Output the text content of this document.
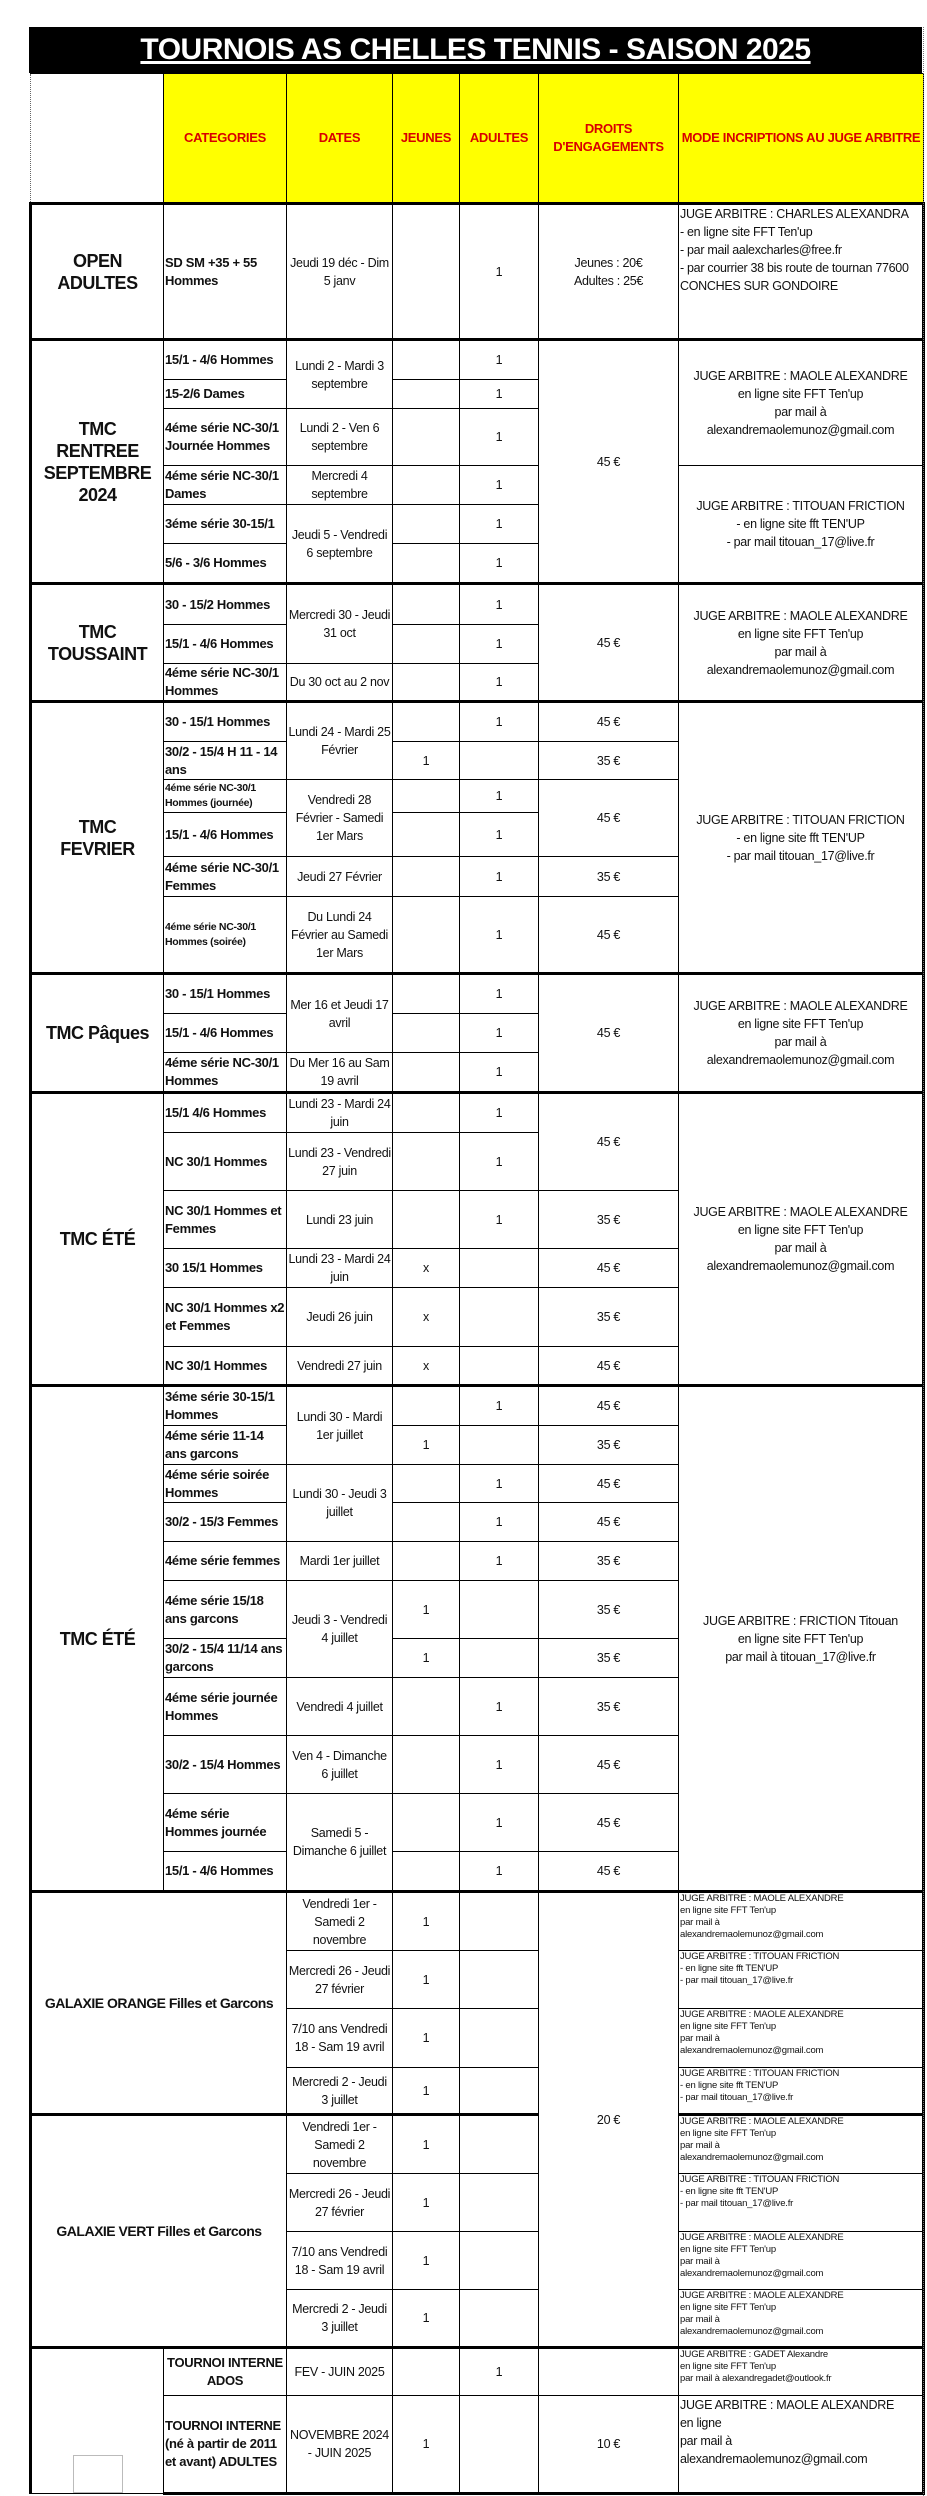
TOURNOIS AS CHELLES TENNIS - SAISON 2025
	CATEGORIES	DATES	JEUNES	ADULTES	DROITS D'ENGAGEMENTS	MODE INCRIPTIONS AU JUGE ARBITRE
OPEN
ADULTES	SD SM +35 + 55 Hommes	Jeudi 19 déc - Dim 5 janv		1	Jeunes : 20€
Adultes : 25€	JUGE ARBITRE : CHARLES ALEXANDRA
- en ligne site FFT Ten'up
- par mail aalexcharles@free.fr
- par courrier 38 bis route de tournan 77600 CONCHES SUR GONDOIRE
TMC
RENTREE
SEPTEMBRE
2024	15/1 - 4/6 Hommes	Lundi 2 - Mardi 3 septembre		1	45 €	JUGE ARBITRE : MAOLE ALEXANDRE
en ligne site FFT Ten'up
par mail à
alexandremaolemunoz@gmail.com
	15-2/6 Dames			1		
	4éme série NC-30/1 Journée Hommes	Lundi 2 - Ven 6 septembre		1		
	4éme série NC-30/1 Dames	Mercredi 4 septembre		1		JUGE ARBITRE : TITOUAN FRICTION
- en ligne site fft TEN'UP
- par mail titouan_17@live.fr
	3éme série 30-15/1	Jeudi 5 - Vendredi 6 septembre		1		
	5/6 - 3/6 Hommes			1		
TMC
TOUSSAINT	30 - 15/2 Hommes	Mercredi 30 - Jeudi 31 oct		1	45 €	JUGE ARBITRE : MAOLE ALEXANDRE
en ligne site FFT Ten'up
par mail à
alexandremaolemunoz@gmail.com
	15/1 - 4/6 Hommes			1		
	4éme série NC-30/1 Hommes	Du 30 oct au 2 nov		1		
TMC
FEVRIER	30 - 15/1 Hommes	Lundi 24 - Mardi 25 Février		1	45 €	JUGE ARBITRE : TITOUAN FRICTION
- en ligne site fft TEN'UP
- par mail titouan_17@live.fr
	30/2 - 15/4 H 11 - 14 ans		1		35 €	
	4éme série NC-30/1 Hommes (journée)	Vendredi 28 Février - Samedi 1er Mars		1	45 €	
	15/1 - 4/6 Hommes			1		
	4éme série NC-30/1 Femmes	Jeudi 27 Février		1	35 €	
	4éme série NC-30/1 Hommes (soirée)	Du Lundi 24 Février au Samedi 1er Mars		1	45 €	
TMC Pâques	30 - 15/1 Hommes	Mer 16 et Jeudi 17 avril		1	45 €	JUGE ARBITRE : MAOLE ALEXANDRE
en ligne site FFT Ten'up
par mail à
alexandremaolemunoz@gmail.com
	15/1 - 4/6 Hommes			1		
	4éme série NC-30/1 Hommes	Du Mer 16 au Sam 19 avril		1		
TMC ÉTÉ	15/1 4/6 Hommes	Lundi 23 - Mardi 24 juin		1	45 €	JUGE ARBITRE : MAOLE ALEXANDRE
en ligne site FFT Ten'up
par mail à
alexandremaolemunoz@gmail.com
	NC 30/1 Hommes	Lundi 23 - Vendredi 27 juin		1		
	NC 30/1 Hommes et Femmes	Lundi 23 juin		1	35 €	
	30 15/1 Hommes	Lundi 23 - Mardi 24 juin	x		45 €	
	NC 30/1 Hommes x2 et Femmes	Jeudi 26 juin	x		35 €	
	NC 30/1 Hommes	Vendredi 27 juin	x		45 €	
TMC ÉTÉ	3éme série 30-15/1 Hommes	Lundi 30 - Mardi 1er juillet		1	45 €	JUGE ARBITRE : FRICTION Titouan
en ligne site FFT Ten'up
par mail à titouan_17@live.fr
	4éme série 11-14 ans garcons		1		35 €	
	4éme série soirée Hommes	Lundi 30 - Jeudi 3 juillet		1	45 €	
	30/2 - 15/3 Femmes			1	45 €	
	4éme série femmes	Mardi 1er juillet		1	35 €	
	4éme série 15/18 ans garcons	Jeudi 3 - Vendredi 4 juillet	1		35 €	
	30/2 - 15/4 11/14 ans garcons		1		35 €	
	4éme série journée Hommes	Vendredi 4 juillet		1	35 €	
	30/2 - 15/4 Hommes	Ven 4 - Dimanche 6 juillet		1	45 €	
	4éme série Hommes journée	Samedi 5 - Dimanche 6 juillet		1	45 €	
	15/1 - 4/6 Hommes			1	45 €	
GALAXIE ORANGE Filles et Garcons		Vendredi 1er - Samedi 2 novembre	1		20 €	JUGE ARBITRE : MAOLE ALEXANDRE
en ligne site FFT Ten'up
par mail à
alexandremaolemunoz@gmail.com
		Mercredi 26 - Jeudi 27 février	1			JUGE ARBITRE : TITOUAN FRICTION
- en ligne site fft TEN'UP
- par mail titouan_17@live.fr
		7/10 ans Vendredi 18 - Sam 19 avril	1			JUGE ARBITRE : MAOLE ALEXANDRE
en ligne site FFT Ten'up
par mail à
alexandremaolemunoz@gmail.com
		Mercredi 2 - Jeudi 3 juillet	1			JUGE ARBITRE : TITOUAN FRICTION
- en ligne site fft TEN'UP
- par mail titouan_17@live.fr
GALAXIE VERT Filles et Garcons		Vendredi 1er - Samedi 2 novembre	1			JUGE ARBITRE : MAOLE ALEXANDRE
en ligne site FFT Ten'up
par mail à
alexandremaolemunoz@gmail.com
		Mercredi 26 - Jeudi 27 février	1			JUGE ARBITRE : TITOUAN FRICTION
- en ligne site fft TEN'UP
- par mail titouan_17@live.fr
		7/10 ans Vendredi 18 - Sam 19 avril	1			JUGE ARBITRE : MAOLE ALEXANDRE
en ligne site FFT Ten'up
par mail à
alexandremaolemunoz@gmail.com
		Mercredi 2 - Jeudi 3 juillet	1			JUGE ARBITRE : MAOLE ALEXANDRE
en ligne site FFT Ten'up
par mail à
alexandremaolemunoz@gmail.com

	TOURNOI INTERNE ADOS	FEV - JUIN 2025		1		JUGE ARBITRE : GADET Alexandre
en ligne site FFT Ten'up
par mail à alexandregadet@outlook.fr
	TOURNOI INTERNE (né à partir de 2011 et avant) ADULTES	NOVEMBRE 2024 - JUIN 2025	1		10 €	JUGE ARBITRE : MAOLE ALEXANDRE
en ligne
par mail à
alexandremaolemunoz@gmail.com
